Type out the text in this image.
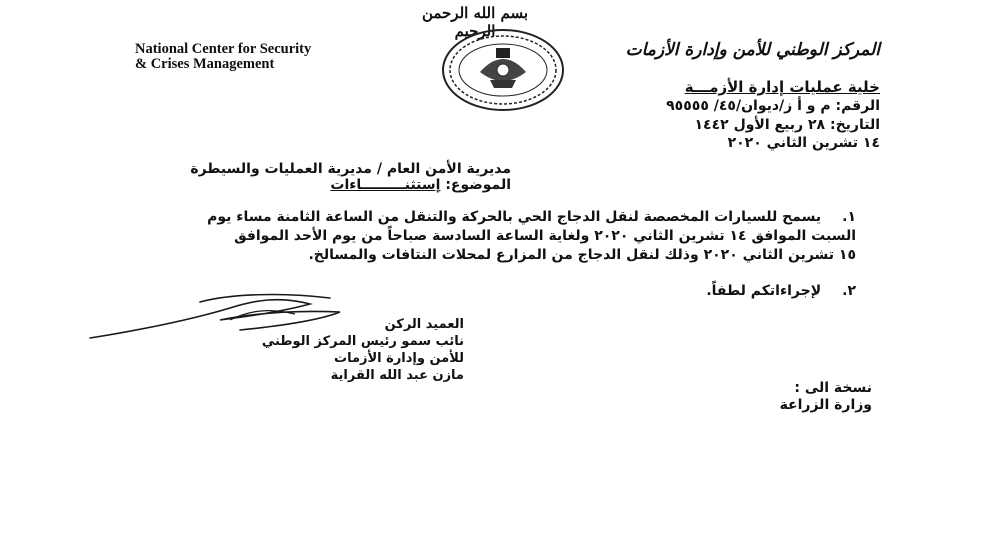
بسم الله الرحمن الرحيم
National Center for Security
& Crises Management
المركز الوطني للأمن وإدارة الأزمات
خلية عمليات إدارة الأزمـــة
الرقم: م و أ ز/ديوان/٤٥/ ٩٥٥٥٥
التاريخ: ٢٨ ربيع الأول ١٤٤٢
١٤ تشرين الثاني ٢٠٢٠
مديرية الأمن العام / مديرية العمليات والسيطرة
الموضوع: إستثنـــــــــاءات
١. يسمح للسيارات المخصصة لنقل الدجاج الحي بالحركة والتنقل من الساعة الثامنة مساء يوم
السبت الموافق ١٤ تشرين الثاني ٢٠٢٠ ولغاية الساعة السادسة صباحاً من يوم الأحد الموافق
١٥ تشرين الثاني ٢٠٢٠ وذلك لنقل الدجاج من المزارع لمحلات النتافات والمسالخ.
٢. لإجراءاتكم لطفاً.
العميد الركن
نائب سمو رئيس المركز الوطني
للأمن وإدارة الأزمات
مازن عبد الله القراية
نسخة الى :
وزارة الزراعة
